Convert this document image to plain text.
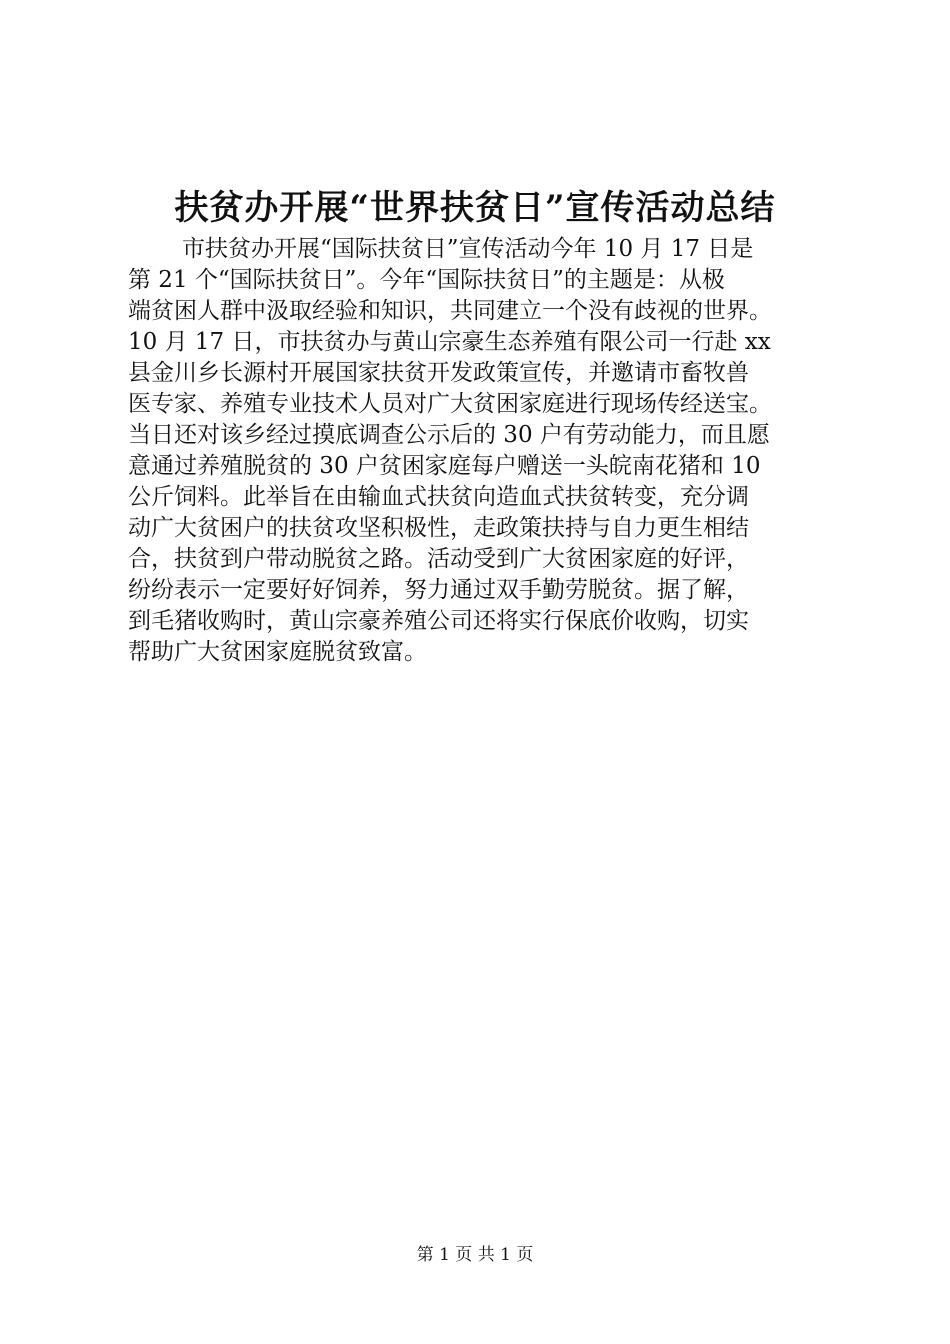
扶贫办开展“世界扶贫日”宣传活动总结
市扶贫办开展“国际扶贫日”宣传活动今年 10 月 17 日是
第 21 个“国际扶贫日”。今年“国际扶贫日”的主题是：从极
端贫困人群中汲取经验和知识，共同建立一个没有歧视的世界。
10 月 17 日，市扶贫办与黄山宗豪生态养殖有限公司一行赴 xx
县金川乡长源村开展国家扶贫开发政策宣传，并邀请市畜牧兽
医专家、养殖专业技术人员对广大贫困家庭进行现场传经送宝。
当日还对该乡经过摸底调查公示后的 30 户有劳动能力，而且愿
意通过养殖脱贫的 30 户贫困家庭每户赠送一头皖南花猪和 10
公斤饲料。此举旨在由输血式扶贫向造血式扶贫转变，充分调
动广大贫困户的扶贫攻坚积极性，走政策扶持与自力更生相结
合，扶贫到户带动脱贫之路。活动受到广大贫困家庭的好评，
纷纷表示一定要好好饲养，努力通过双手勤劳脱贫。据了解，
到毛猪收购时，黄山宗豪养殖公司还将实行保底价收购，切实
帮助广大贫困家庭脱贫致富。
第 1 页 共 1 页
